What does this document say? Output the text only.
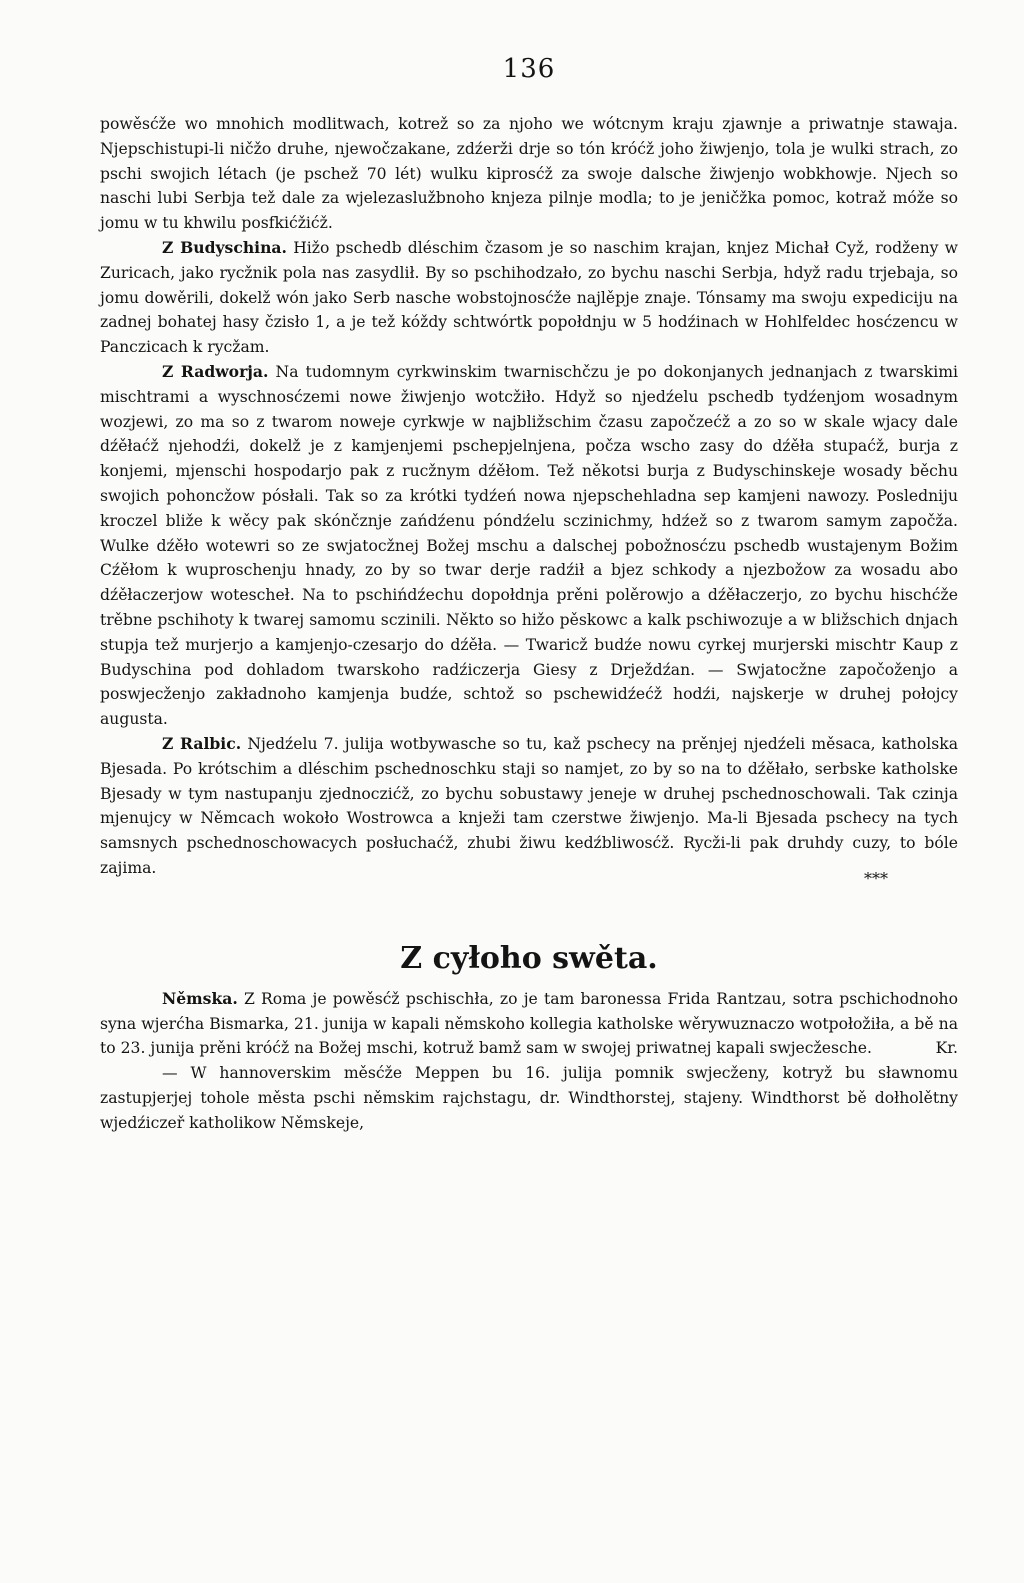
136

powěsćže wo mnohich modlitwach, kotrež so za njoho we wótcnym kraju zjawnje a priwatnje stawaja. Njepschistupi-li ničžo druhe, njewočzakane, zdźerži drje so tón króćž joho žiwjenjo, tola je wulki strach, zo pschi swojich létach (je pschež 70 lét) wulku kiprosćž za swoje dalsche žiwjenjo wobkhowje. Njech so naschi lubi Serbja tež dale za wjelezaslužbnoho knjeza pilnje modla; to je jeničžka pomoc, kotraž móže so jomu w tu khwilu posfkićžićž.

Z Budyschina. Hižo pschedb dléschim čzasom je so naschim krajan, knjez Michał Cyž, rodženy w Zuricach, jako rycžnik pola nas zasydlił. By so pschihodzało, zo bychu naschi Serbja, hdyž radu trjebaja, so jomu dowěrili, dokelž wón jako Serb nasche wobstojnosćže najlěpje znaje. Tónsamy ma swoju expediciju na zadnej bohatej hasy čzisło 1, a je tež kóždy schtwórtk popołdnju w 5 hodźinach w Hohlfeldec hosćzencu w Panczicach k rycžam.

Z Radworja. Na tudomnym cyrkwinskim twarnischčzu je po dokonjanych jednanjach z twarskimi mischtrami a wyschnosćzemi nowe žiwjenjo wotcžiło. Hdyž so njedźelu pschedb tydźenjom wosadnym wozjewi, zo ma so z twarom noweje cyrkwje w najbližschim čzasu započzećž a zo so w skale wjacy dale dźěłaćž njehodźi, dokelž je z kamjenjemi pschepjelnjena, počza wscho zasy do dźěła stupaćž, burja z konjemi, mjenschi hospodarjo pak z rucžnym dźěłom. Tež někotsi burja z Budyschinskeje wosady běchu swojich pohoncžow pósłali. Tak so za krótki tydźeń nowa njepschehladna sep kamjeni nawozy. Posledniju kroczel bliže k wěcy pak skónčznje zańdźenu póndźelu sczinichmy, hdźež so z twarom samym započža. Wulke dźěło wotewri so ze swjatocžnej Božej mschu a dalschej pobožnosćzu pschedb wustajenym Božim Cźěłom k wuproschenju hnady, zo by so twar derje radźił a bjez schkody a njezbožow za wosadu abo dźěłaczerjow wotescheł. Na to pschińdźechu dopołdnja prěni polěrowjo a dźěłaczerjo, zo bychu hischćže trěbne pschihoty k twarej samomu sczinili. Někto so hižo pěskowc a kalk pschiwozuje a w bližschich dnjach stupja tež murjerjo a kamjenjo-czesarjo do dźěła. — Twaricž budźe nowu cyrkej murjerski mischtr Kaup z Budyschina pod dohladom twarskoho radźiczerja Giesy z Drježdźan. — Swjatocžne započoženjo a poswjecženjo zakładnoho kamjenja budźe, schtož so pschewidźećž hodźi, najskerje w druhej połojcy augusta.

Z Ralbic. Njedźelu 7. julija wotbywasche so tu, kaž pschecy na prěnjej njedźeli měsaca, katholska Bjesada. Po krótschim a dléschim pschednoschku staji so namjet, zo by so na to dźěłało, serbske katholske Bjesady w tym nastupanju zjednoczićž, zo bychu sobustawy jeneje w druhej pschednoschowali. Tak czinja mjenujcy w Němcach wokoło Wostrowca a knježi tam czerstwe žiwjenjo. Ma-li Bjesada pschecy na tych samsnych pschednoschowacych posłuchaćž, zhubi žiwu kedźbliwosćž. Rycži-li pak druhdy cuzy, to bóle zajima.

***
Z cyłoho swěta.

Němska. Z Roma je powěsćž pschischła, zo je tam baronessa Frida Rantzau, sotra pschichodnoho syna wjerćha Bismarka, 21. junija w kapali němskoho kollegia katholske wěrywuznaczo wotpołožiła, a bě na to 23. junija prěni króćž na Božej mschi, kotruž bamž sam w swojej priwatnej kapali swjecžesche.	Kr.

— W hannoverskim měsćže Meppen bu 16. julija pomnik swjecženy, kotryž bu sławnomu zastupjerjej tohole města pschi němskim rajchstagu, dr. Windthorstej, stajeny. Windthorst bě dołholětny wjedźiczeř katholikow Němskeje,
